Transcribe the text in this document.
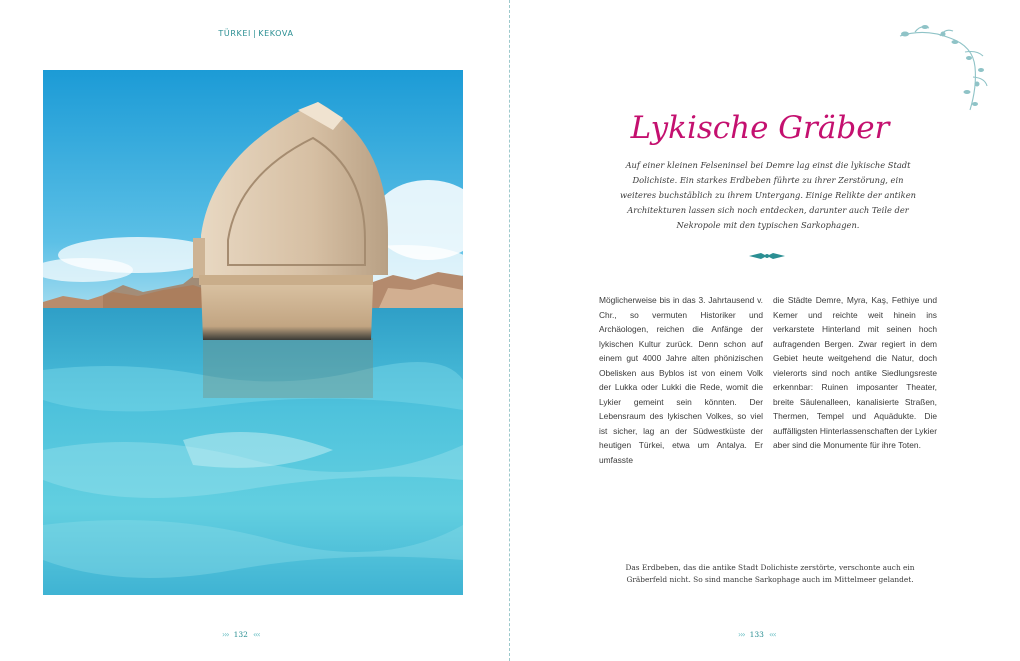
TÜRKEI | KEKOVA
››› 132 ‹‹‹
Lykische Gräber
Auf einer kleinen Felseninsel bei Demre lag einst die lykische Stadt Dolichiste. Ein starkes Erdbeben führte zu ihrer Zerstörung, ein weiteres buchstäblich zu ihrem Untergang. Einige Relikte der antiken Architekturen lassen sich noch entdecken, darunter auch Teile der Nekropole mit den typischen Sarkophagen.
Möglicherweise bis in das 3. Jahrtausend v. Chr., so vermuten Historiker und Archäologen, reichen die Anfänge der lykischen Kultur zurück. Denn schon auf einem gut 4000 Jahre alten phönizischen Obelisken aus Byblos ist von einem Volk der Lukka oder Lukki die Rede, womit die Lykier gemeint sein könnten. Der Lebensraum des lykischen Volkes, so viel ist sicher, lag an der Südwestküste der heutigen Türkei, etwa um Antalya. Er umfasste
die Städte Demre, Myra, Kaş, Fethiye und Kemer und reichte weit hinein ins verkarstete Hinterland mit seinen hoch aufragenden Bergen. Zwar regiert in dem Gebiet heute weitgehend die Natur, doch vielerorts sind noch antike Siedlungsreste erkennbar: Ruinen imposanter Theater, breite Säulenalleen, kanalisierte Straßen, Thermen, Tempel und Aquädukte. Die auffälligsten Hinterlassenschaften der Lykier aber sind die Monumente für ihre Toten.
Das Erdbeben, das die antike Stadt Dolichiste zerstörte, verschonte auch ein Gräberfeld nicht. So sind manche Sarkophage auch im Mittelmeer gelandet.
››› 133 ‹‹‹
